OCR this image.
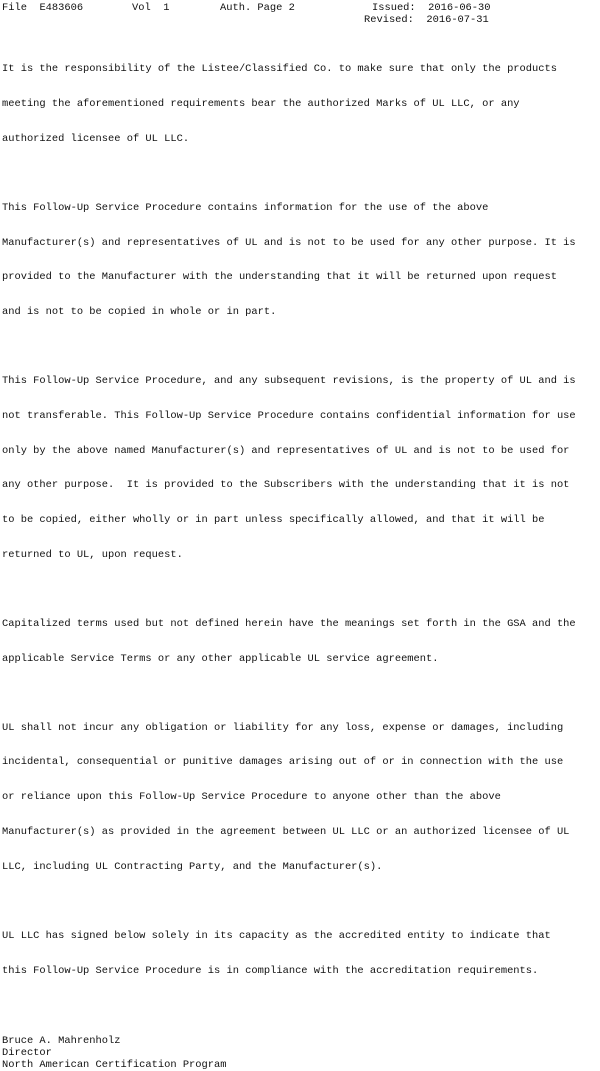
File E483606	Vol 1	Auth. Page 2	Issued: 2016-06-30
Revised: 2016-07-31

It is the responsibility of the Listee/Classified Co. to make sure that only the products

meeting the aforementioned requirements bear the authorized Marks of UL LLC, or any

authorized licensee of UL LLC.

This Follow-Up Service Procedure contains information for the use of the above

Manufacturer(s) and representatives of UL and is not to be used for any other purpose. It is

provided to the Manufacturer with the understanding that it will be returned upon request

and is not to be copied in whole or in part.

This Follow-Up Service Procedure, and any subsequent revisions, is the property of UL and is

not transferable. This Follow-Up Service Procedure contains confidential information for use

only by the above named Manufacturer(s) and representatives of UL and is not to be used for

any other purpose.  It is provided to the Subscribers with the understanding that it is not

to be copied, either wholly or in part unless specifically allowed, and that it will be

returned to UL, upon request.

Capitalized terms used but not defined herein have the meanings set forth in the GSA and the

applicable Service Terms or any other applicable UL service agreement.

UL shall not incur any obligation or liability for any loss, expense or damages, including

incidental, consequential or punitive damages arising out of or in connection with the use

or reliance upon this Follow-Up Service Procedure to anyone other than the above

Manufacturer(s) as provided in the agreement between UL LLC or an authorized licensee of UL

LLC, including UL Contracting Party, and the Manufacturer(s).

UL LLC has signed below solely in its capacity as the accredited entity to indicate that

this Follow-Up Service Procedure is in compliance with the accreditation requirements.

Bruce A. Mahrenholz
Director
North American Certification Program
